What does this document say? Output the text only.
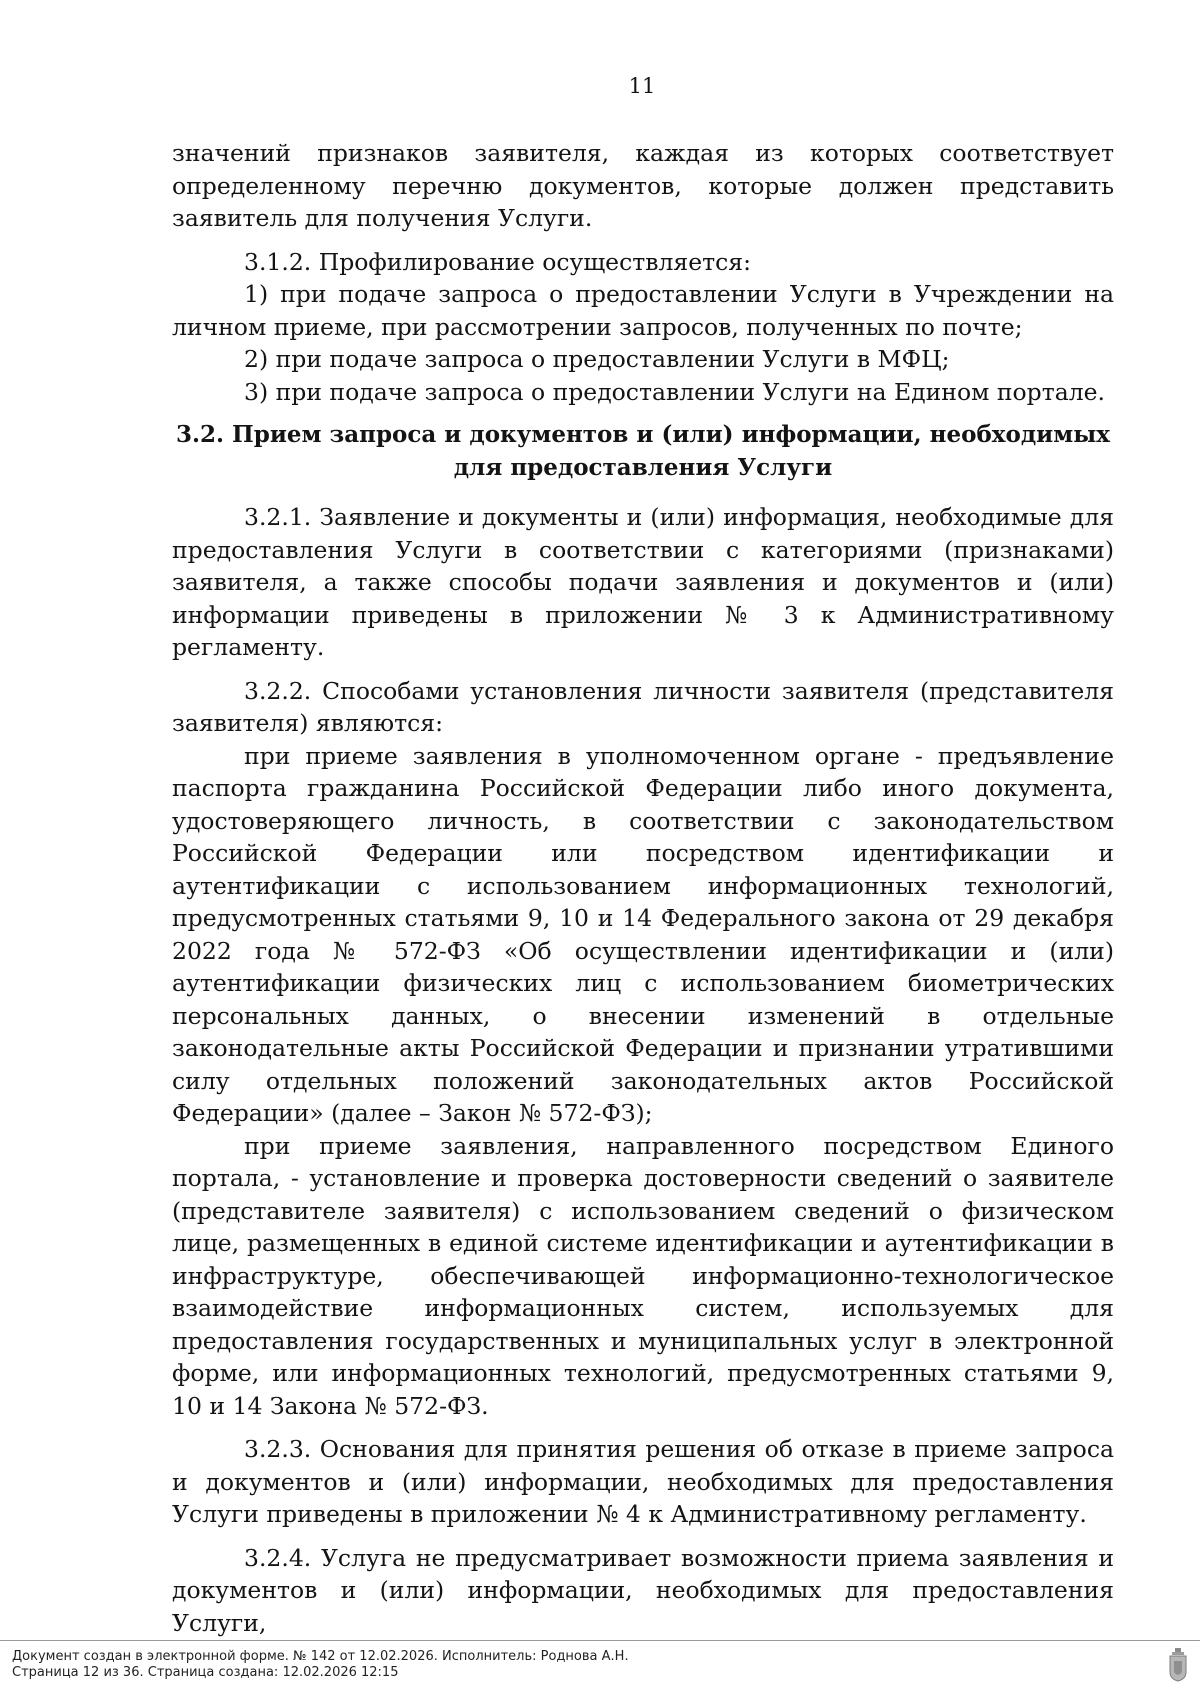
11

значений признаков заявителя, каждая из которых соответствует определенному перечню документов, которые должен представить заявитель для получения Услуги.

3.1.2. Профилирование осуществляется:

1) при подаче запроса о предоставлении Услуги в Учреждении на личном приеме, при рассмотрении запросов, полученных по почте;

2) при подаче запроса о предоставлении Услуги в МФЦ;

3) при подаче запроса о предоставлении Услуги на Едином портале.

3.2. Прием запроса и документов и (или) информации, необходимых для предоставления Услуги

3.2.1. Заявление и документы и (или) информация, необходимые для предоставления Услуги в соответствии с категориями (признаками) заявителя, а также способы подачи заявления и документов и (или) информации приведены в приложении № 3 к Административному регламенту.

3.2.2. Способами установления личности заявителя (представителя заявителя) являются:

при приеме заявления в уполномоченном органе - предъявление паспорта гражданина Российской Федерации либо иного документа, удостоверяющего личность, в соответствии с законодательством Российской Федерации или посредством идентификации и аутентификации с использованием информационных технологий, предусмотренных статьями 9, 10 и 14 Федерального закона от 29 декабря 2022 года № 572-ФЗ «Об осуществлении идентификации и (или) аутентификации физических лиц с использованием биометрических персональных данных, о внесении изменений в отдельные законодательные акты Российской Федерации и признании утратившими силу отдельных положений законодательных актов Российской Федерации» (далее – Закон № 572-ФЗ);

при приеме заявления, направленного посредством Единого портала, - установление и проверка достоверности сведений о заявителе (представителе заявителя) с использованием сведений о физическом лице, размещенных в единой системе идентификации и аутентификации в инфраструктуре, обеспечивающей информационно-технологическое взаимодействие информационных систем, используемых для предоставления государственных и муниципальных услуг в электронной форме, или информационных технологий, предусмотренных статьями 9, 10 и 14 Закона № 572-ФЗ.

3.2.3. Основания для принятия решения об отказе в приеме запроса и документов и (или) информации, необходимых для предоставления Услуги приведены в приложении № 4 к Административному регламенту.

3.2.4. Услуга не предусматривает возможности приема заявления и документов и (или) информации, необходимых для предоставления Услуги,

Документ создан в электронной форме. № 142 от 12.02.2026. Исполнитель: Роднова А.Н.
Страница 12 из 36. Страница создана: 12.02.2026 12:15
